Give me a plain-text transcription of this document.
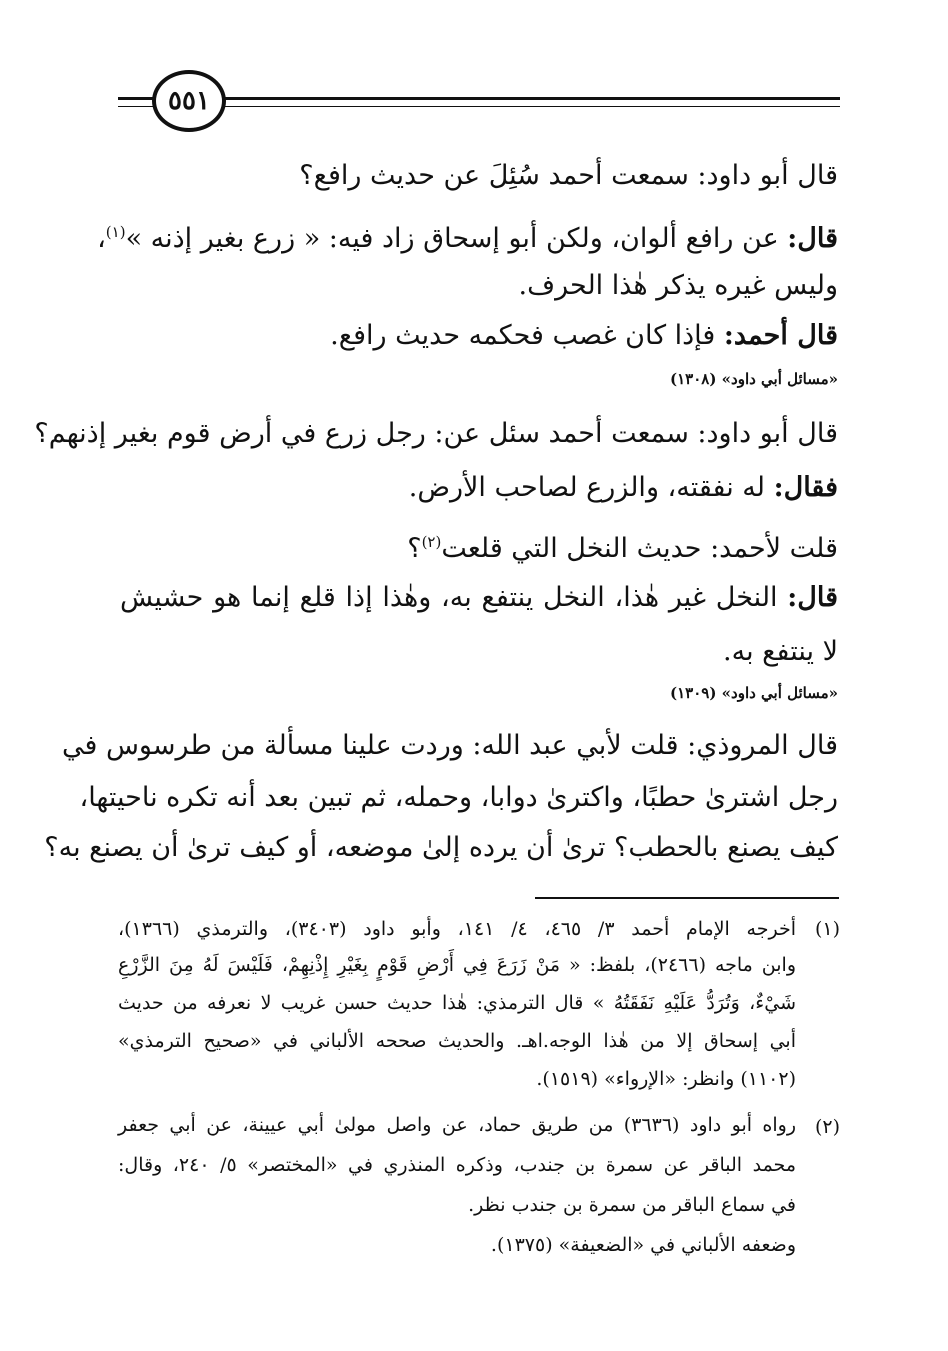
٥٥١
قال أبو داود: سمعت أحمد سُئِلَ عن حديث رافع؟
قال: عن رافع ألوان، ولكن أبو إسحاق زاد فيه: « زرع بغير إذنه »$^{(١)}$،
وليس غيره يذكر هٰذا الحرف.
قال أحمد: فإذا كان غصب فحكمه حديث رافع.
«مسائل أبي داود» (١٣٠٨)
قال أبو داود: سمعت أحمد سئل عن: رجل زرع في أرض قوم بغير إذنهم؟
فقال: له نفقته، والزرع لصاحب الأرض.
قلت لأحمد: حديث النخل التي قلعت$^{(٢)}$؟
قال: النخل غير هٰذا، النخل ينتفع به، وهٰذا إذا قلع إنما هو حشيش
لا ينتفع به.
«مسائل أبي داود» (١٣٠٩)
قال المروذي: قلت لأبي عبد الله: وردت علينا مسألة من طرسوس في
رجل اشترىٰ حطبًا، واكترىٰ دوابا، وحمله، ثم تبين بعد أنه تكره ناحيتها،
كيف يصنع بالحطب؟ ترىٰ أن يرده إلىٰ موضعه، أو كيف ترىٰ أن يصنع به؟
(١)
أخرجه الإمام أحمد ٣/ ٤٦٥، ٤/ ١٤١، وأبو داود (٣٤٠٣)، والترمذي (١٣٦٦)،
وابن ماجه (٢٤٦٦)، بلفظ: « مَنْ زَرَعَ فِي أَرْضِ قَوْمٍ بِغَيْرِ إِذْنِهِمْ، فَلَيْسَ لَهُ مِنَ الزَّرْعِ
شَيْءٌ، وَتُرَدُّ عَلَيْهِ نَفَقَتُهُ » قال الترمذي: هٰذا حديث حسن غريب لا نعرفه من حديث
أبي إسحاق إلا من هٰذا الوجه.اهـ. والحديث صححه الألباني في «صحيح الترمذي»
(١١٠٢) وانظر: «الإرواء» (١٥١٩).
(٢)
رواه أبو داود (٣٦٣٦) من طريق حماد، عن واصل مولىٰ أبي عيينة، عن أبي جعفر
محمد الباقر عن سمرة بن جندب، وذكره المنذري في «المختصر» ٥/ ٢٤٠، وقال:
في سماع الباقر من سمرة بن جندب نظر.
وضعفه الألباني في «الضعيفة» (١٣٧٥).
